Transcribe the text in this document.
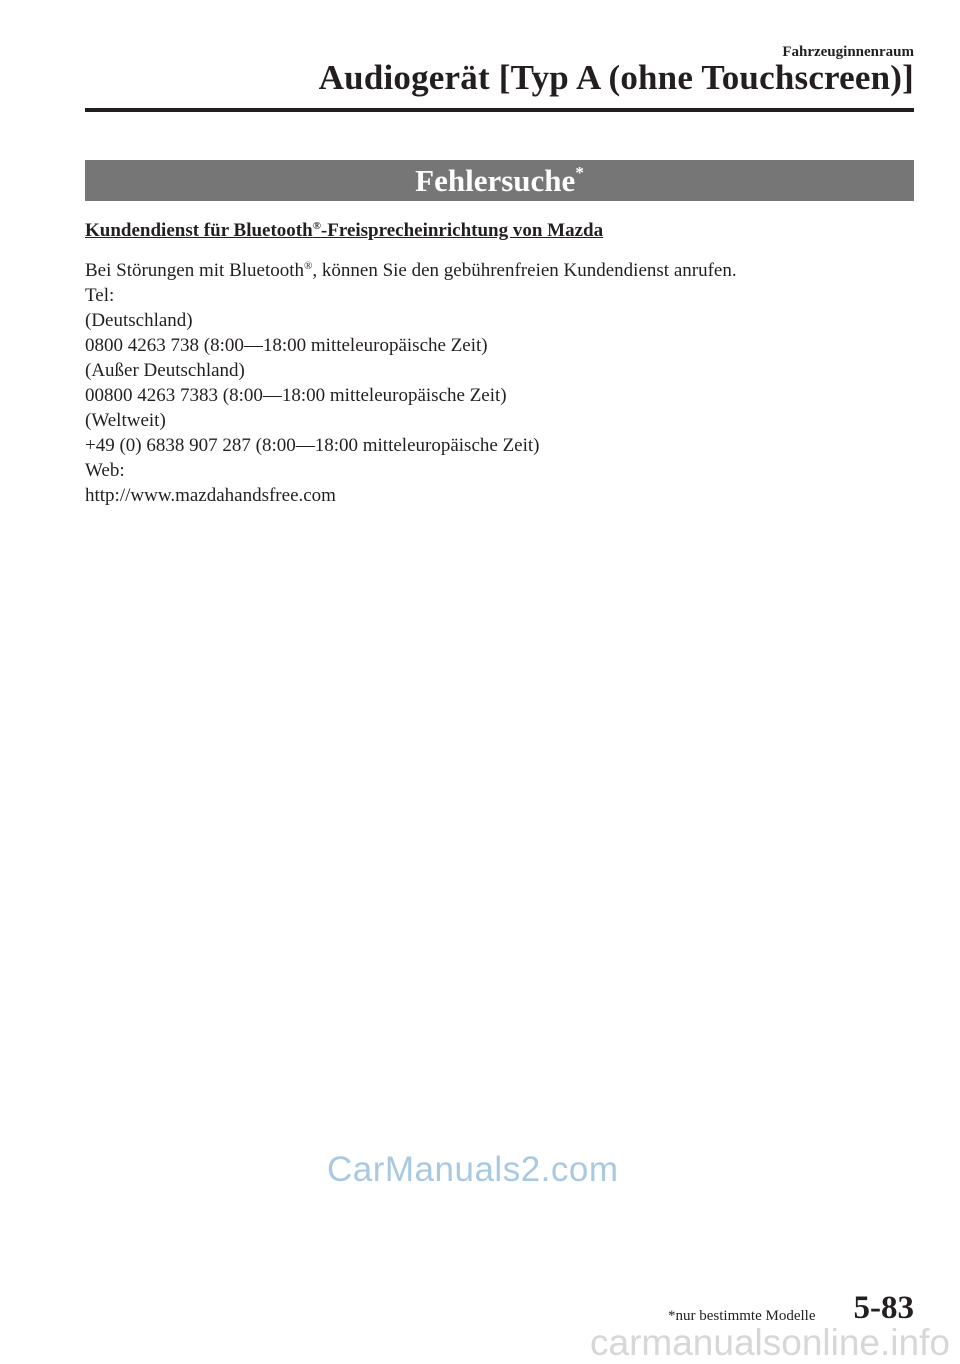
Fahrzeuginnenraum
Audiogerät [Typ A (ohne Touchscreen)]
Fehlersuche*
Kundendienst für Bluetooth®-Freisprecheinrichtung von Mazda
Bei Störungen mit Bluetooth®, können Sie den gebührenfreien Kundendienst anrufen.
Tel:
(Deutschland)
0800 4263 738 (8:00—18:00 mitteleuropäische Zeit)
(Außer Deutschland)
00800 4263 7383 (8:00—18:00 mitteleuropäische Zeit)
(Weltweit)
+49 (0) 6838 907 287 (8:00—18:00 mitteleuropäische Zeit)
Web:
http://www.mazdahandsfree.com
CarManuals2.com
*nur bestimmte Modelle 5-83
carmanualsonline.info
